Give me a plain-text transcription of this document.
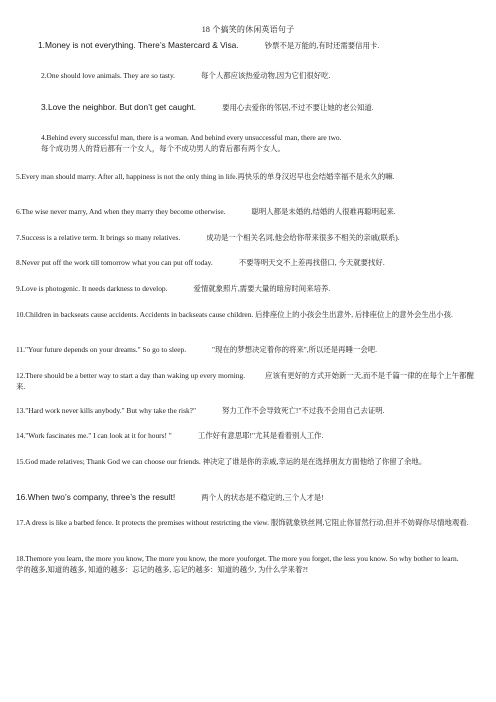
18 个搞笑的休闲英语句子
1.Money is not everything. There’s Mastercard & Visa.	钞票不是万能的,有时还需要信用卡.
2.One should love animals. They are so tasty.	每个人都应该热爱动物,因为它们很好吃.
3.Love the neighbor. But don’t get caught.	要用心去爱你的邻居,不过不要让她的老公知道.
4.Behind every successful man, there is a woman. And behind every unsuccessful man, there are two.
每个成功男人的背后都有一个女人，每个不成功男人的背后都有两个女人。
5.Every man should marry. After all, happiness is not the only thing in life.再快乐的单身汉迟早也会结婚幸福不是永久的嘛.
6.The wise never marry, And when they marry they become otherwise.	聪明人都是未婚的,结婚的人很难再聪明起来.
7.Success is a relative term. It brings so many relatives.	成功是一个相关名词,他会给你带来很多不相关的亲戚(联系).
8.Never put off the work till tomorrow what you can put off today.	不要等明天交不上差再找借口, 今天就要找好.
9.Love is photogenic. It needs darkness to develop.	爱情就象照片,需要大量的暗房时间来培养.
10.Children in backseats cause accidents. Accidents in backseats cause children. 后排座位上的小孩会生出意外, 后排座位上的意外会生出小孩.
11."Your future depends on your dreams." So go to sleep.	"现在的梦想决定着你的将来",所以还是再睡一会吧.
12.There should be a better way to start a day than waking up every morning.	应该有更好的方式开始新一天,而不是千篇一律的在每个上午都醒来.
13."Hard work never kills anybody." But why take the risk?"	努力工作不会导致死亡!"不过我不会用自己去证明.
14."Work fascinates me." I can look at it for hours! "	工作好有意思耶!"尤其是看着别人工作.
15.God made relatives; Thank God we can choose our friends. 神决定了谁是你的亲戚,幸运的是在选择朋友方面他给了你留了余地。
16.When two’s company, three’s the result!	两个人的状态是不稳定的,三个人才是!
17.A dress is like a barbed fence. It protects the premises without restricting the view. 服饰就象铁丝网,它阻止你冒然行动,但并不妨碍你尽情地观看.
18.Themore you learn, the more you know, The more you know, the more youforget. The more you forget, the less you know. So why bother to learn.学的越多,知道的越多, 知道的越多：忘记的越多, 忘记的越多：知道的越少, 为什么学来着?!
